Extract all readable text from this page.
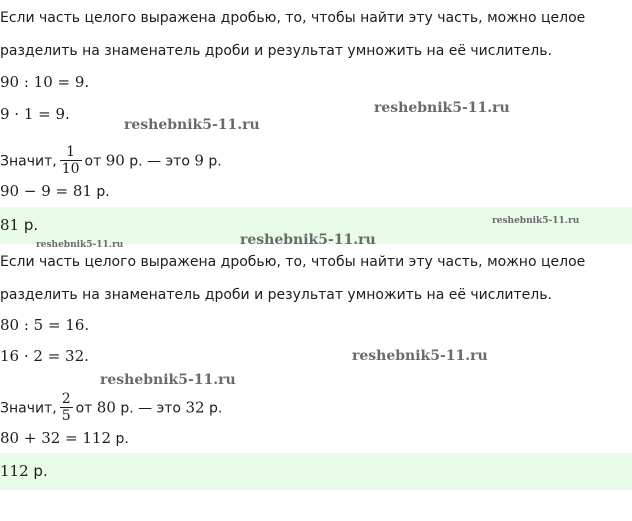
Если часть целого выражена дробью, то, чтобы найти эту часть, можно целое
разделить на знаменатель дроби и результат умножить на её числитель.
90 : 10 = 9.
9 · 1 = 9.
Значит, $\frac{1}{10}$ от 90 р. — это 9 р.
90 − 9 = 81 р.
81 р.
Если часть целого выражена дробью, то, чтобы найти эту часть, можно целое
разделить на знаменатель дроби и результат умножить на её числитель.
80 : 5 = 16.
16 · 2 = 32.
Значит, $\frac{2}{5}$ от 80 р. — это 32 р.
80 + 32 = 112 р.
112 р.
reshebnik5-11.ru
reshebnik5-11.ru
reshebnik5-11.ru
reshebnik5-11.ru
reshebnik5-11.ru
reshebnik5-11.ru
reshebnik5-11.ru
